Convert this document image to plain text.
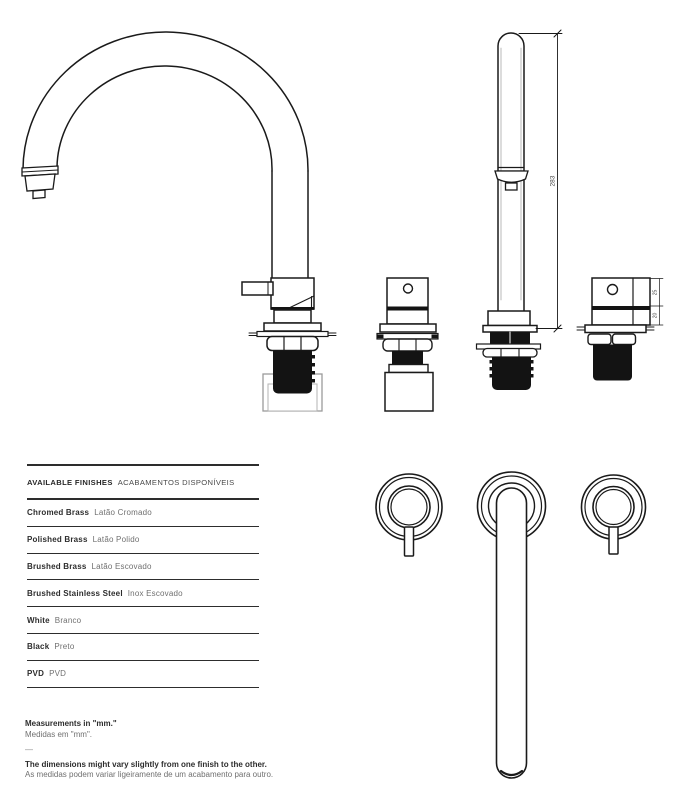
283
25
20
AVAILABLE FINISHES ACABAMENTOS DISPONÍVEIS
Chromed Brass Latão Cromado
Polished Brass Latão Polido
Brushed Brass Latão Escovado
Brushed Stainless Steel Inox Escovado
White Branco
Black Preto
PVD PVD
Measurements in "mm."
Medidas em "mm".
—
The dimensions might vary slightly from one finish to the other.
As medidas podem variar ligeiramente de um acabamento para outro.
